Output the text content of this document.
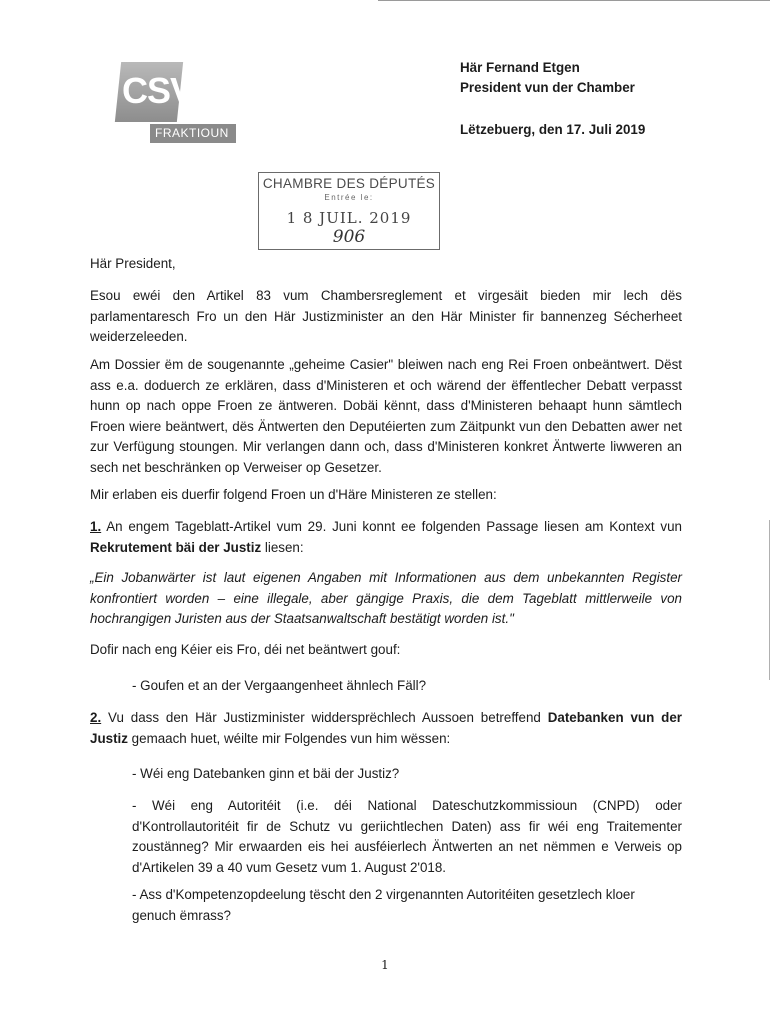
CSV
FRAKTIOUN
Här Fernand Etgen
President vun der Chamber
Lëtzebuerg, den 17. Juli 2019
CHAMBRE DES DÉPUTÉS
Entrée le:
1 8 JUIL. 2019
906
Här President,
Esou ewéi den Artikel 83 vum Chambersreglement et virgesäit bieden mir lech dës parlamentaresch Fro un den Här Justizminister an den Här Minister fir bannenzeg Sécherheet weiderzeleeden.
Am Dossier ëm de sougenannte „geheime Casier" bleiwen nach eng Rei Froen onbeäntwert. Dëst ass e.a. doduerch ze erklären, dass d'Ministeren et och wärend der ëffentlecher Debatt verpasst hunn op nach oppe Froen ze äntweren. Dobäi kënnt, dass d'Ministeren behaapt hunn sämtlech Froen wiere beäntwert, dës Äntwerten den Deputéierten zum Zäitpunkt vun den Debatten awer net zur Verfügung stoungen. Mir verlangen dann och, dass d'Ministeren konkret Äntwerte liwweren an sech net beschränken op Verweiser op Gesetzer.
Mir erlaben eis duerfir folgend Froen un d'Häre Ministeren ze stellen:
1. An engem Tageblatt-Artikel vum 29. Juni konnt ee folgenden Passage liesen am Kontext vun Rekrutement bäi der Justiz liesen:
„Ein Jobanwärter ist laut eigenen Angaben mit Informationen aus dem unbekannten Register konfrontiert worden – eine illegale, aber gängige Praxis, die dem Tageblatt mittlerweile von hochrangigen Juristen aus der Staatsanwaltschaft bestätigt worden ist."
Dofir nach eng Kéier eis Fro, déi net beäntwert gouf:
- Goufen et an der Vergaangenheet ähnlech Fäll?
2. Vu dass den Här Justizminister widdersprëchlech Aussoen betreffend Datebanken vun der Justiz gemaach huet, wéilte mir Folgendes vun him wëssen:
- Wéi eng Datebanken ginn et bäi der Justiz?
- Wéi eng Autoritéit (i.e. déi National Dateschutzkommissioun (CNPD) oder d'Kontrollautoritéit fir de Schutz vu geriichtlechen Daten) ass fir wéi eng Traitementer zoustänneg? Mir erwaarden eis hei ausféierlech Äntwerten an net nëmmen e Verweis op d'Artikelen 39 a 40 vum Gesetz vum 1. August 2'018.
- Ass d'Kompetenzopdeelung tëscht den 2 virgenannten Autoritéiten gesetzlech kloer genuch ëmrass?
1
